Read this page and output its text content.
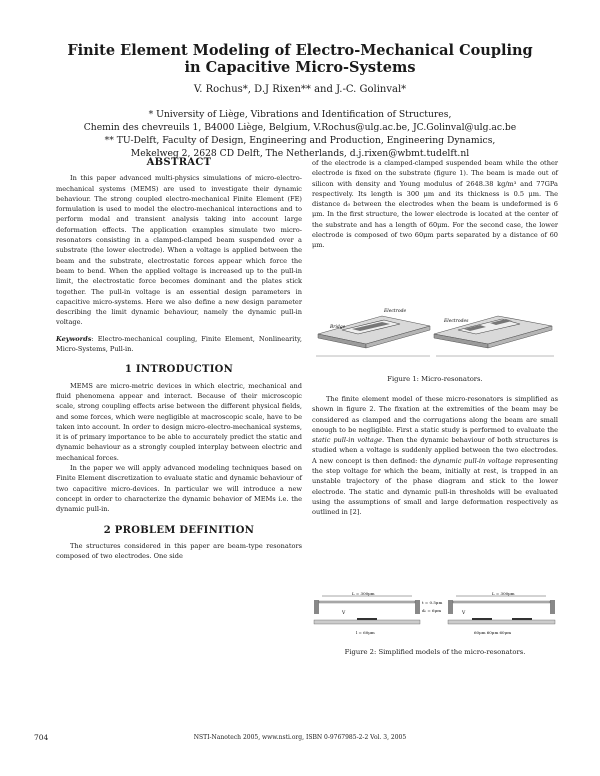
Finite Element Modeling of Electro-Mechanical Coupling
in Capacitive Micro-Systems
V. Rochus*, D.J Rixen** and J.-C. Golinval*
* University of Liège, Vibrations and Identification of Structures,
Chemin des chevreuils 1, B4000 Liège, Belgium, V.Rochus@ulg.ac.be, JC.Golinval@ulg.ac.be
** TU-Delft, Faculty of Design, Engineering and Production, Engineering Dynamics,
Mekelweg 2, 2628 CD Delft, The Netherlands, d.j.rixen@wbmt.tudelft.nl
ABSTRACT

In this paper advanced multi-physics simulations of micro-electro-mechanical systems (MEMS) are used to investigate their dynamic behaviour. The strong coupled electro-mechanical Finite Element (FE) formulation is used to model the electro-mechanical interactions and to perform modal and transient analysis taking into account large deformation effects. The application examples simulate two micro-resonators consisting in a clamped-clamped beam suspended over a substrate (the lower electrode). When a voltage is applied between the beam and the substrate, electrostatic forces appear which force the beam to bend. When the applied voltage is increased up to the pull-in limit, the electrostatic force becomes dominant and the plates stick together. The pull-in voltage is an essential design parameters in capacitive micro-systems. Here we also define a new design parameter describing the limit dynamic behaviour, namely the dynamic pull-in voltage.

Keywords: Electro-mechanical coupling, Finite Element, Nonlinearity, Micro-Systems, Pull-in.

1 INTRODUCTION

MEMS are micro-metric devices in which electric, mechanical and fluid phenomena appear and interact. Because of their microscopic scale, strong coupling effects arise between the different physical fields, and some forces, which were negligible at macroscopic scale, have to be taken into account. In order to design micro-electro-mechanical systems, it is of primary importance to be able to accurately predict the static and dynamic behaviour as a strongly coupled interplay between electric and mechanical forces.

In the paper we will apply advanced modeling techniques based on Finite Element discretization to evaluate static and dynamic behaviour of two capacitive micro-devices. In particular we will introduce a new concept in order to characterize the dynamic behavior of MEMs i.e. the dynamic pull-in.

2 PROBLEM DEFINITION

The structures considered in this paper are beam-type resonators composed of two electrodes. One side

of the electrode is a clamped-clamped suspended beam while the other electrode is fixed on the substrate (figure 1). The beam is made out of silicon with density and Young modulus of 2648.38 kg/m³ and 77GPa respectively. Its length is 300 μm and its thickness is 0.5 μm. The distance d₀ between the electrodes when the beam is undeformed is 6 μm. In the first structure, the lower electrode is located at the center of the substrate and has a length of 60μm. For the second case, the lower electrode is composed of two 60μm parts separated by a distance of 60 μm.

Electrode
Bridge
Electrodes
Figure 1: Micro-resonators.

The finite element model of these micro-resonators is simplified as shown in figure 2. The fixation at the extremities of the beam may be considered as clamped and the corrugations along the beam are small enough to be negligible. First a static study is performed to evaluate the static pull-in voltage. Then the dynamic behaviour of both structures is studied when a voltage is suddenly applied between the two electrodes. A new concept is then defined: the dynamic pull-in voltage representing the step voltage for which the beam, initially at rest, is trapped in an unstable trajectory of the phase diagram and stick to the lower electrode. The static and dynamic pull-in thresholds will be evaluated using the assumptions of small and large deformation respectively as outlined in [2].

L = 300μm
V
l = 60μm
t = 0.5μm
d₀ = 6μm
L = 300μm
V
60μm 60μm 60μm
Figure 2: Simplified models of the micro-resonators.
704	NSTI-Nanotech 2005, www.nsti.org, ISBN 0-9767985-2-2 Vol. 3, 2005
